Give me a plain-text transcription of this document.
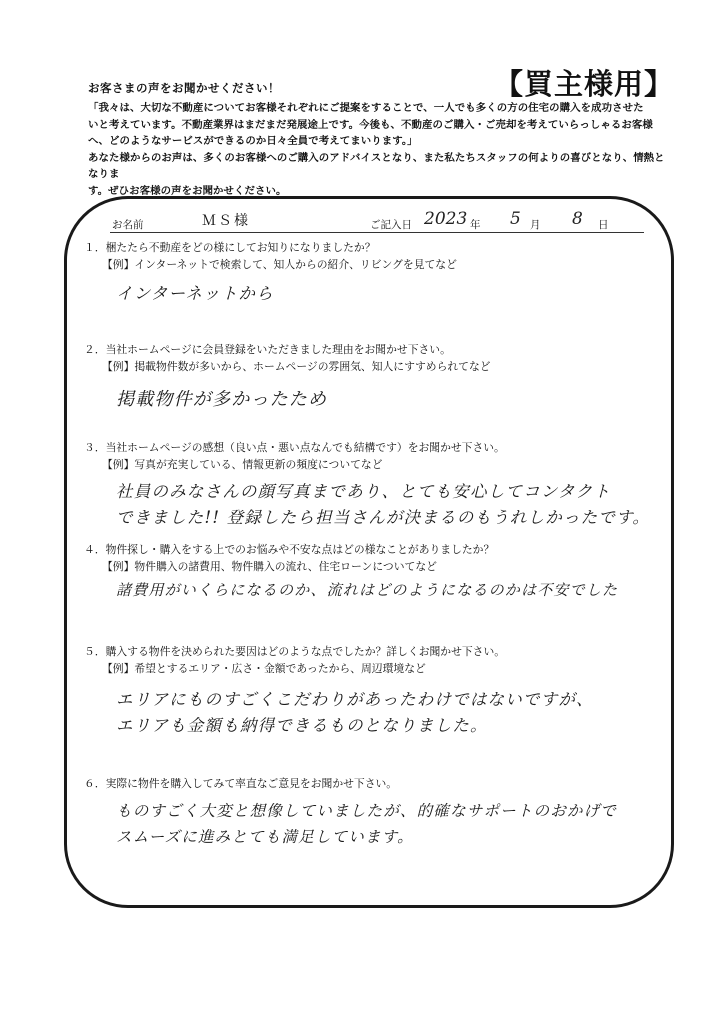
お客さまの声をお聞かせください！	【買主様用】

「我々は、大切な不動産についてお客様それぞれにご提案をすることで、一人でも多くの方の住宅の購入を成功させた

いと考えています。不動産業界はまだまだ発展途上です。今後も、不動産のご購入・ご売却を考えていらっしゃるお客様

へ、どのようなサービスができるのか日々全員で考えてまいります。」

あなた様からのお声は、多くのお客様へのご購入のアドバイスとなり、また私たちスタッフの何よりの喜びとなり、情熱となりま

す。ぜひお客様の声をお聞かせください。

お名前	ＭＳ様	ご記入日 2023 年 5 月 8 日

１．梱たたら不動産をどの様にしてお知りになりましたか？

【例】インターネットで検索して、知人からの紹介、リビングを見てなど

インターネットから

２．当社ホームページに会員登録をいただきました理由をお聞かせ下さい。

【例】掲載物件数が多いから、ホームページの雰囲気、知人にすすめられてなど

掲載物件が多かったため

３．当社ホームページの感想（良い点・悪い点なんでも結構です）をお聞かせ下さい。

【例】写真が充実している、情報更新の頻度についてなど

社員のみなさんの顔写真まであり、とても安心してコンタクト
できました!! 登録したら担当さんが決まるのもうれしかったです。

４．物件探し・購入をする上でのお悩みや不安な点はどの様なことがありましたか？

【例】物件購入の諸費用、物件購入の流れ、住宅ローンについてなど

諸費用がいくらになるのか、流れはどのようになるのかは不安でした

５．購入する物件を決められた要因はどのような点でしたか？詳しくお聞かせ下さい。

【例】希望とするエリア・広さ・金額であったから、周辺環境など

エリアにものすごくこだわりがあったわけではないですが、
エリアも金額も納得できるものとなりました。

６．実際に物件を購入してみて率直なご意見をお聞かせ下さい。

ものすごく大変と想像していましたが、的確なサポートのおかげで
スムーズに進みとても満足しています。
